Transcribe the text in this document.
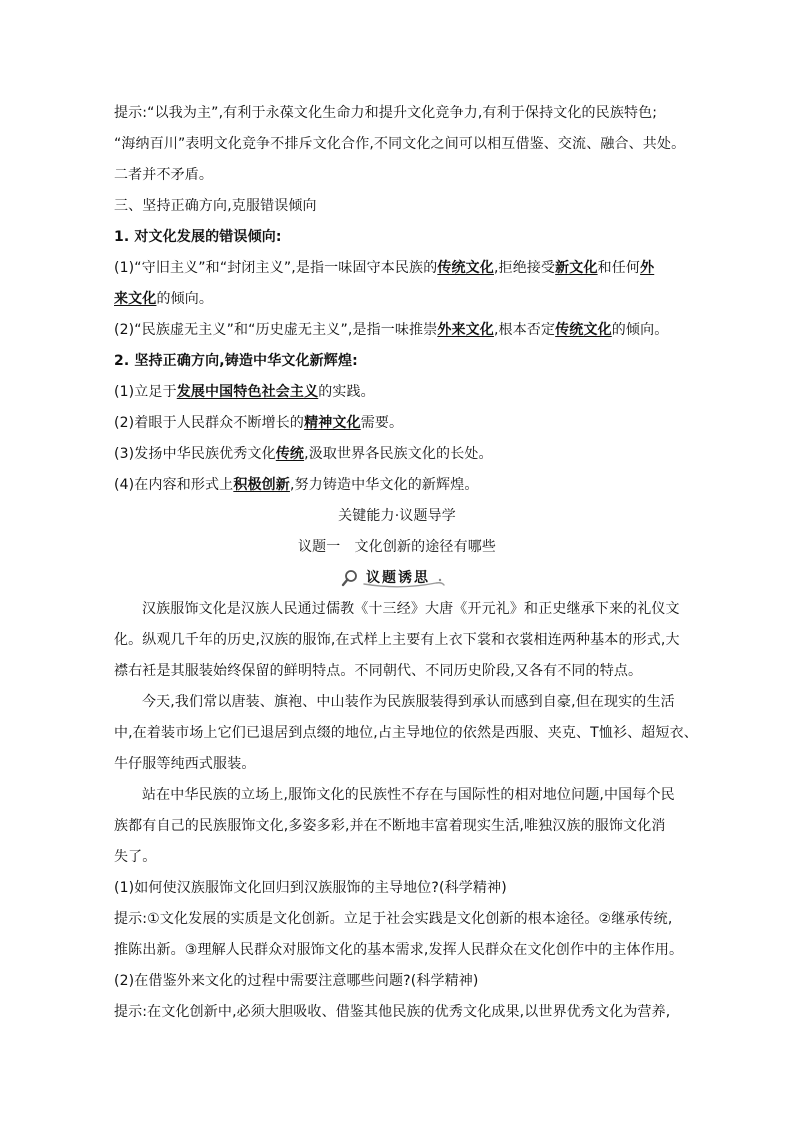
提示:“以我为主”,有利于永葆文化生命力和提升文化竞争力,有利于保持文化的民族特色;
“海纳百川”表明文化竞争不排斥文化合作,不同文化之间可以相互借鉴、交流、融合、共处。
二者并不矛盾。
三、坚持正确方向,克服错误倾向
1. 对文化发展的错误倾向:
(1)“守旧主义”和“封闭主义”,是指一味固守本民族的传统文化,拒绝接受新文化和任何外
来文化的倾向。
(2)“民族虚无主义”和“历史虚无主义”,是指一味推崇外来文化,根本否定传统文化的倾向。
2. 坚持正确方向,铸造中华文化新辉煌:
(1)立足于发展中国特色社会主义的实践。
(2)着眼于人民群众不断增长的精神文化需要。
(3)发扬中华民族优秀文化传统,汲取世界各民族文化的长处。
(4)在内容和形式上积极创新,努力铸造中华文化的新辉煌。
关键能力·议题导学
议题一　文化创新的途径有哪些
议题诱思
汉族服饰文化是汉族人民通过儒教《十三经》大唐《开元礼》和正史继承下来的礼仪文
化。纵观几千年的历史,汉族的服饰,在式样上主要有上衣下裳和衣裳相连两种基本的形式,大
襟右衽是其服装始终保留的鲜明特点。不同朝代、不同历史阶段,又各有不同的特点。
今天,我们常以唐装、旗袍、中山装作为民族服装得到承认而感到自豪,但在现实的生活
中,在着装市场上它们已退居到点缀的地位,占主导地位的依然是西服、夹克、T恤衫、超短衣、
牛仔服等纯西式服装。
站在中华民族的立场上,服饰文化的民族性不存在与国际性的相对地位问题,中国每个民
族都有自己的民族服饰文化,多姿多彩,并在不断地丰富着现实生活,唯独汉族的服饰文化消
失了。
(1)如何使汉族服饰文化回归到汉族服饰的主导地位?(科学精神)
提示:①文化发展的实质是文化创新。立足于社会实践是文化创新的根本途径。②继承传统,
推陈出新。③理解人民群众对服饰文化的基本需求,发挥人民群众在文化创作中的主体作用。
(2)在借鉴外来文化的过程中需要注意哪些问题?(科学精神)
提示:在文化创新中,必须大胆吸收、借鉴其他民族的优秀文化成果,以世界优秀文化为营养,
